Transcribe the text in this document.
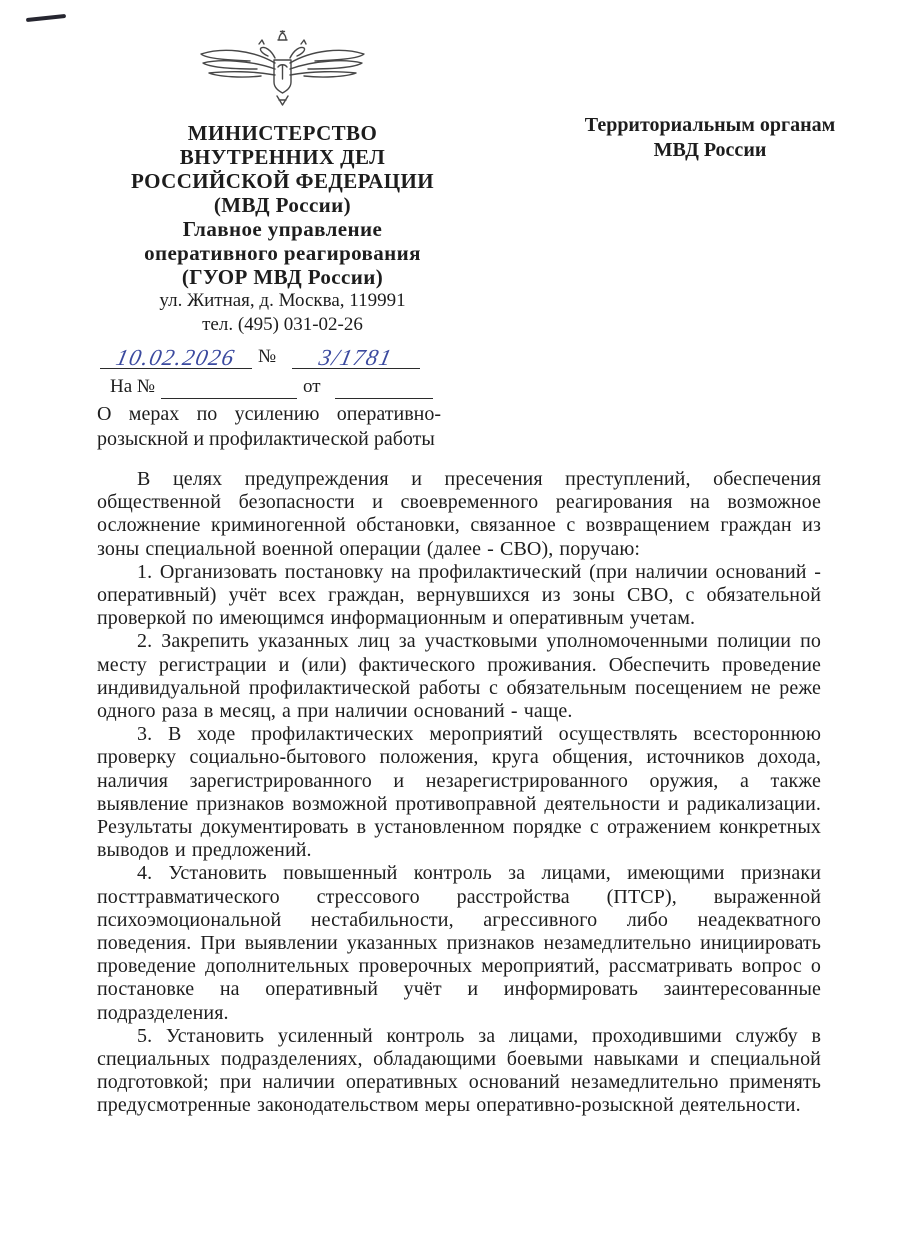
МИНИСТЕРСТВО
ВНУТРЕННИХ ДЕЛ
РОССИЙСКОЙ ФЕДЕРАЦИИ
(МВД России)
Главное управление
оперативного реагирования
(ГУОР МВД России)
ул. Житная, д. Москва, 119991
тел. (495) 031-02-26
10.02.2026	№	3/1781
На №	от
Территориальным органам
МВД России
О мерах по усилению оперативно-розыскной и профилактической работы

В целях предупреждения и пресечения преступлений, обеспечения общественной безопасности и своевременного реагирования на возможное осложнение криминогенной обстановки, связанное с возвращением граждан из зоны специальной военной операции (далее - СВО), поручаю:

1. Организовать постановку на профилактический (при наличии оснований - оперативный) учёт всех граждан, вернувшихся из зоны СВО, с обязательной проверкой по имеющимся информационным и оперативным учетам.

2. Закрепить указанных лиц за участковыми уполномоченными полиции по месту регистрации и (или) фактического проживания. Обеспечить проведение индивидуальной профилактической работы с обязательным посещением не реже одного раза в месяц, а при наличии оснований - чаще.

3. В ходе профилактических мероприятий осуществлять всестороннюю проверку социально-бытового положения, круга общения, источников дохода, наличия зарегистрированного и незарегистрированного оружия, а также выявление признаков возможной противоправной деятельности и радикализации. Результаты документировать в установленном порядке с отражением конкретных выводов и предложений.

4. Установить повышенный контроль за лицами, имеющими признаки посттравматического стрессового расстройства (ПТСР), выраженной психоэмоциональной нестабильности, агрессивного либо неадекватного поведения. При выявлении указанных признаков незамедлительно инициировать проведение дополнительных проверочных мероприятий, рассматривать вопрос о постановке на оперативный учёт и информировать заинтересованные подразделения.

5. Установить усиленный контроль за лицами, проходившими службу в специальных подразделениях, обладающими боевыми навыками и специальной подготовкой; при наличии оперативных оснований незамедлительно применять предусмотренные законодательством меры оперативно-розыскной деятельности.
